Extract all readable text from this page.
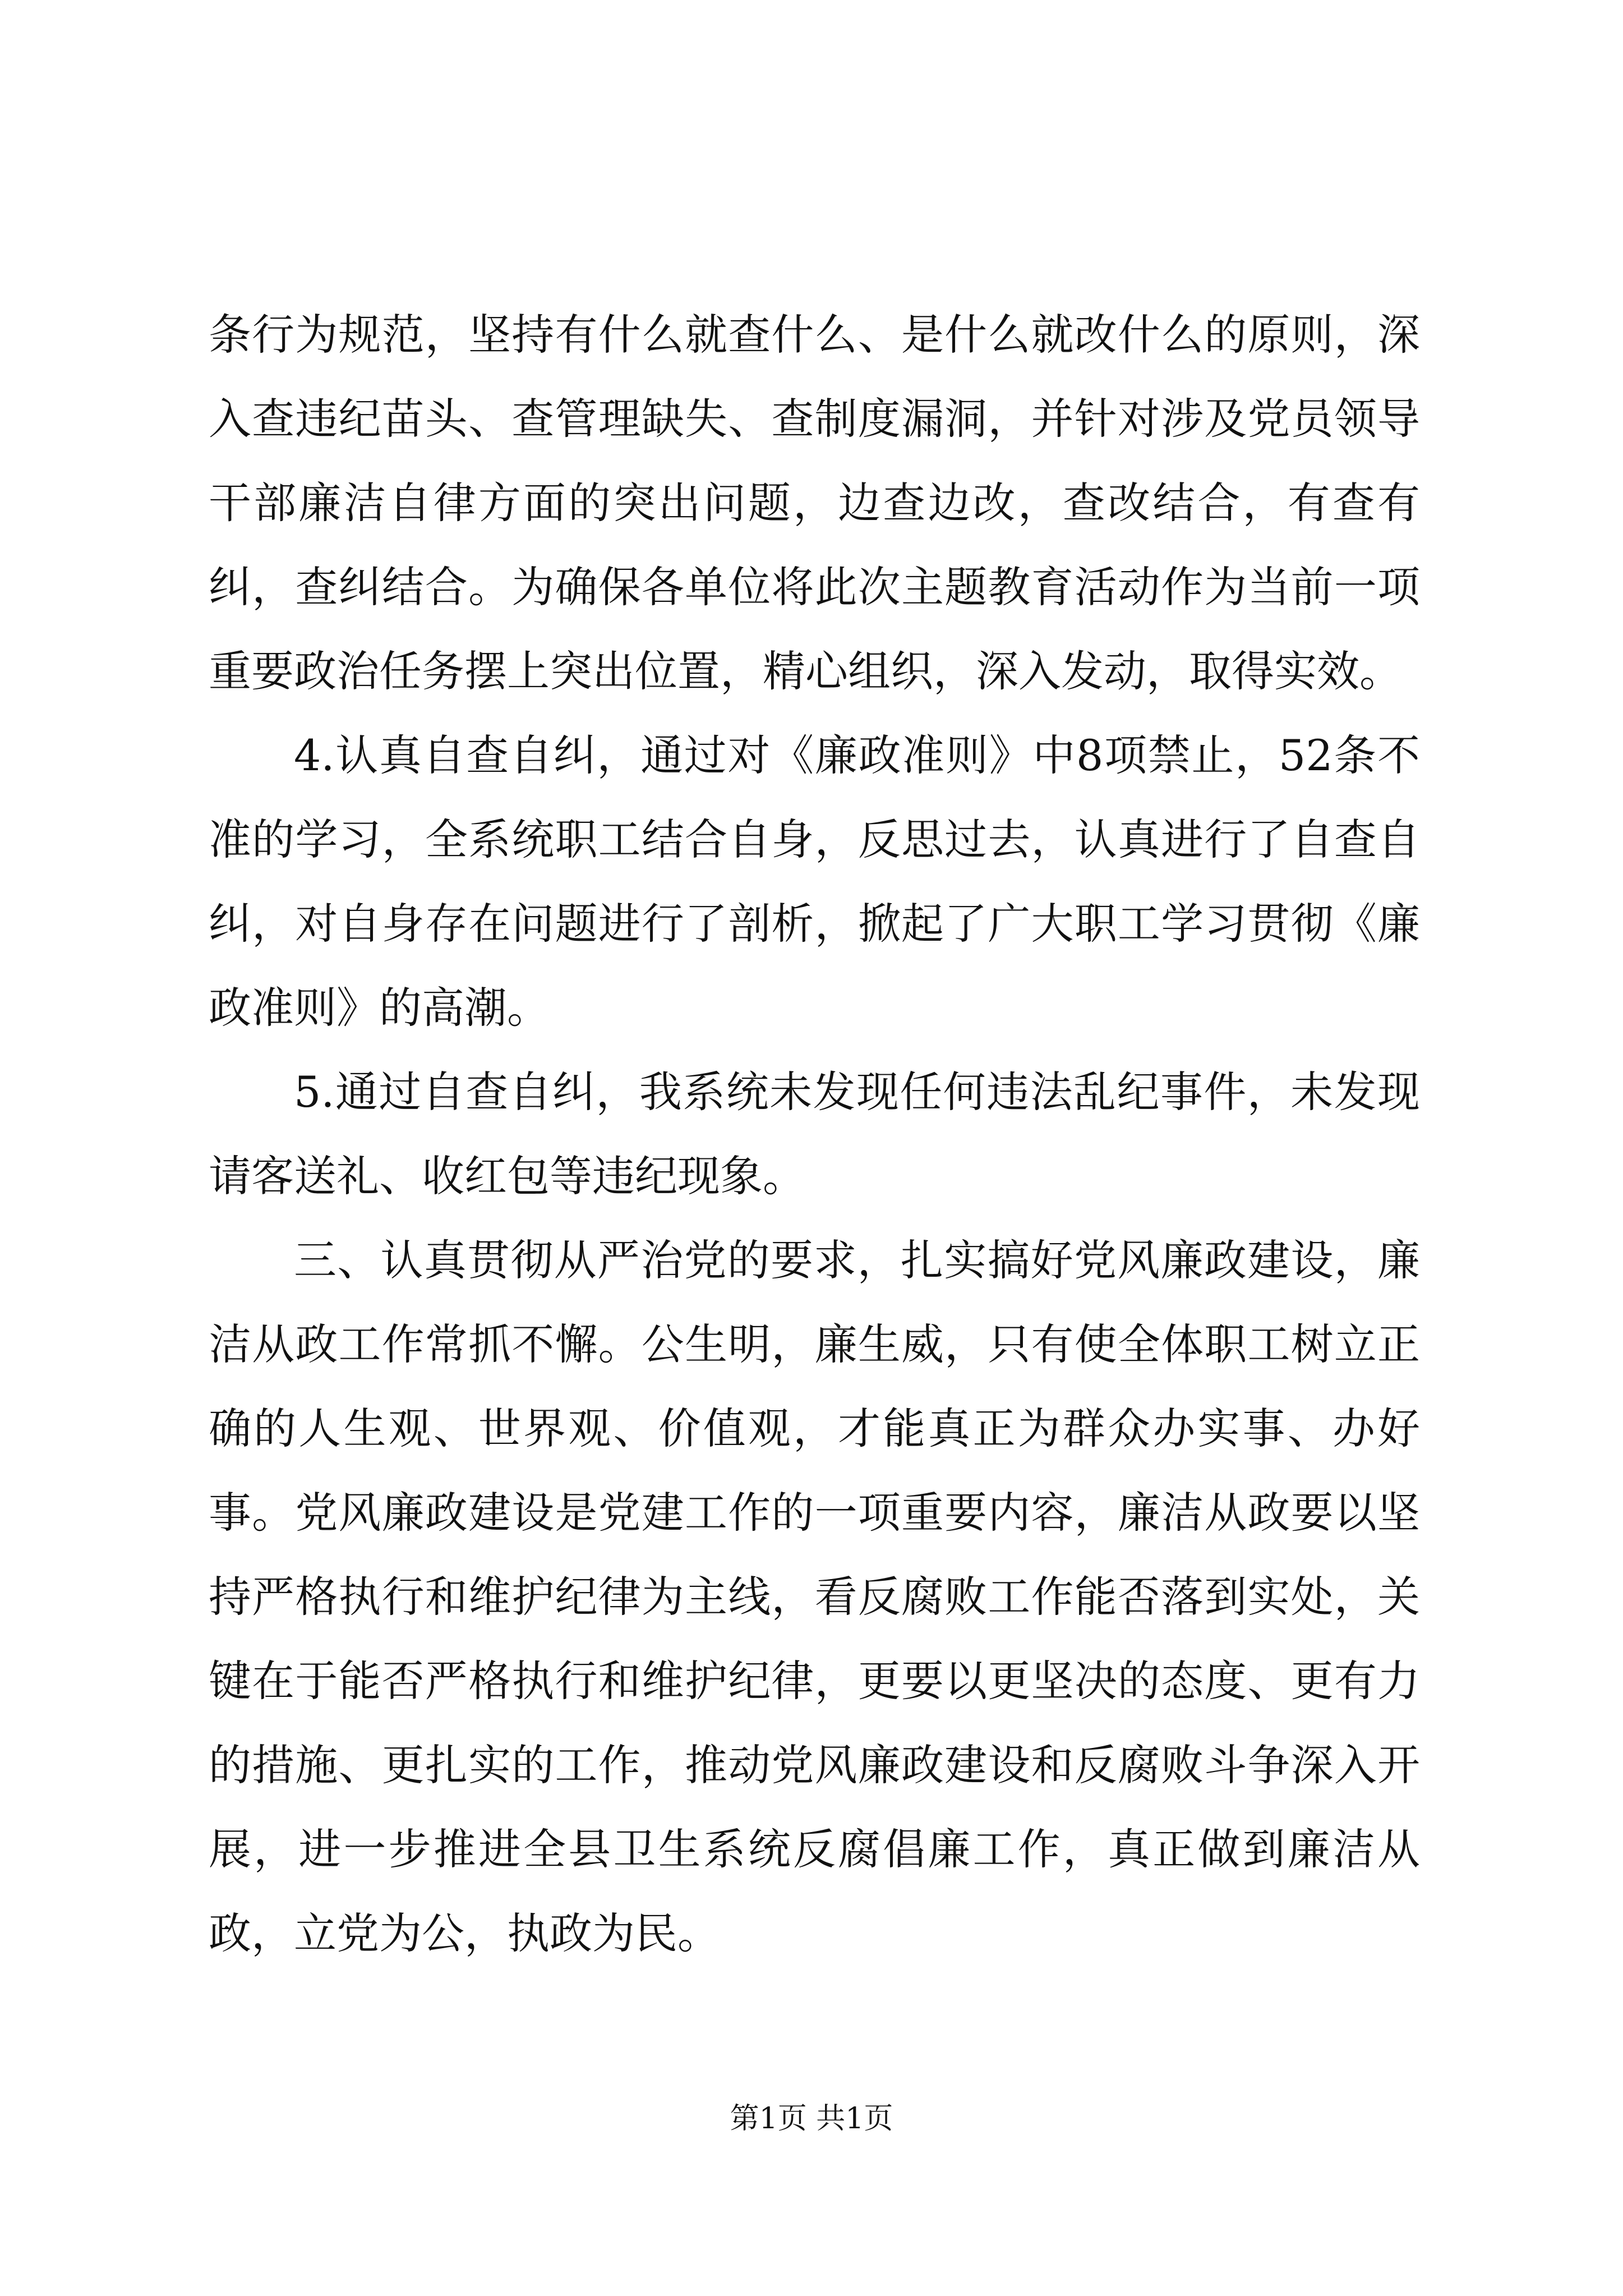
条行为规范，坚持有什么就查什么、是什么就改什么的原则，深入查违纪苗头、查管理缺失、查制度漏洞，并针对涉及党员领导干部廉洁自律方面的突出问题，边查边改，查改结合，有查有纠，查纠结合。为确保各单位将此次主题教育活动作为当前一项重要政治任务摆上突出位置，精心组织，深入发动，取得实效。

4.认真自查自纠，通过对《廉政准则》中8项禁止，52条不准的学习，全系统职工结合自身，反思过去，认真进行了自查自纠，对自身存在问题进行了剖析，掀起了广大职工学习贯彻《廉政准则》的高潮。

5.通过自查自纠，我系统未发现任何违法乱纪事件，未发现请客送礼、收红包等违纪现象。

三、认真贯彻从严治党的要求，扎实搞好党风廉政建设，廉洁从政工作常抓不懈。公生明，廉生威，只有使全体职工树立正确的人生观、世界观、价值观，才能真正为群众办实事、办好事。党风廉政建设是党建工作的一项重要内容，廉洁从政要以坚持严格执行和维护纪律为主线，看反腐败工作能否落到实处，关键在于能否严格执行和维护纪律，更要以更坚决的态度、更有力的措施、更扎实的工作，推动党风廉政建设和反腐败斗争深入开展，进一步推进全县卫生系统反腐倡廉工作，真正做到廉洁从政，立党为公，执政为民。

第1页 共1页
